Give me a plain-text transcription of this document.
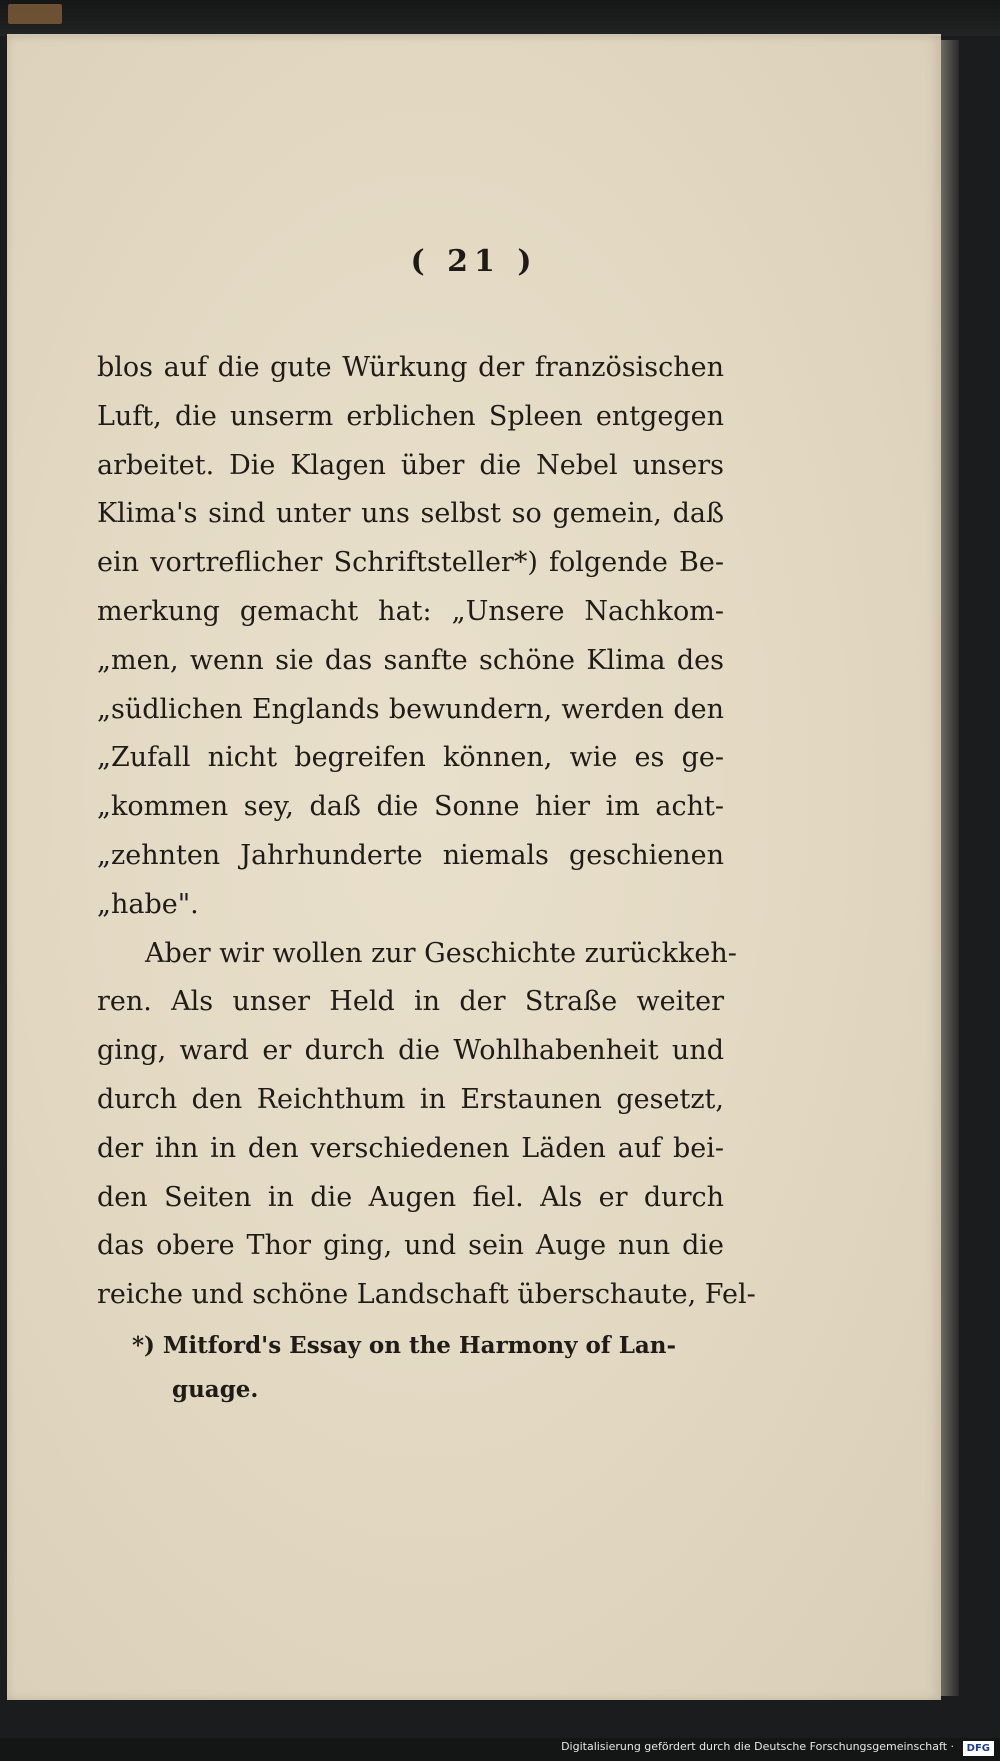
( 21 )
blos auf die gute Würkung der französischen
Luft, die unserm erblichen Spleen entgegen
arbeitet. Die Klagen über die Nebel unsers
Klima's sind unter uns selbst so gemein, daß
ein vortreflicher Schriftsteller*) folgende Be-
merkung gemacht hat: „Unsere Nachkom-
„men, wenn sie das sanfte schöne Klima des
„südlichen Englands bewundern, werden den
„Zufall nicht begreifen können, wie es ge-
„kommen sey, daß die Sonne hier im acht-
„zehnten Jahrhunderte niemals geschienen
„habe".
Aber wir wollen zur Geschichte zurückkeh-
ren. Als unser Held in der Straße weiter
ging, ward er durch die Wohlhabenheit und
durch den Reichthum in Erstaunen gesetzt,
der ihn in den verschiedenen Läden auf bei-
den Seiten in die Augen fiel. Als er durch
das obere Thor ging, und sein Auge nun die
reiche und schöne Landschaft überschaute, Fel-
*) Mitford's Essay on the Harmony of Lan-
guage.
Digitalisierung gefördert durch die Deutsche Forschungsgemeinschaft ·	DFG
